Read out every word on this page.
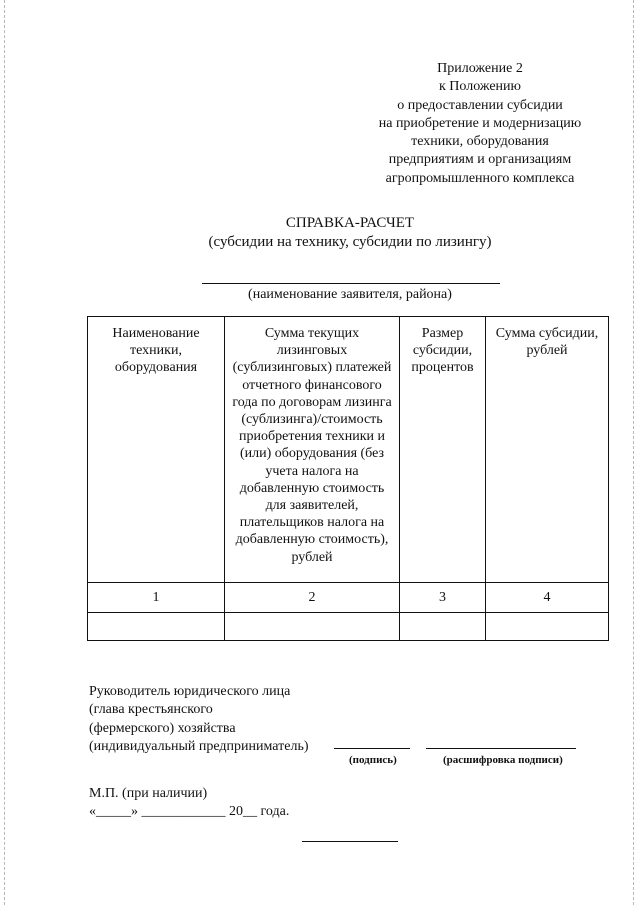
Приложение 2
к Положению
о предоставлении субсидии
на приобретение и модернизацию
техники, оборудования
предприятиям и организациям
агропромышленного комплекса
СПРАВКА-РАСЧЕТ
(субсидии на технику, субсидии по лизингу)
(наименование заявителя, района)
Наименование техники, оборудования	Сумма текущих лизинговых (сублизинговых) платежей отчетного финансового года по договорам лизинга (сублизинга)/стоимость приобретения техники и (или) оборудования (без учета налога на добавленную стоимость для заявителей, плательщиков налога на добавленную стоимость), рублей	Размер субсидии, процентов	Сумма субсидии, рублей
1	2	3	4

Руководитель юридического лица
(глава крестьянского
(фермерского) хозяйства
(индивидуальный предприниматель)
(подпись)	(расшифровка подписи)
М.П. (при наличии)
«_____» ____________ 20__ года.
